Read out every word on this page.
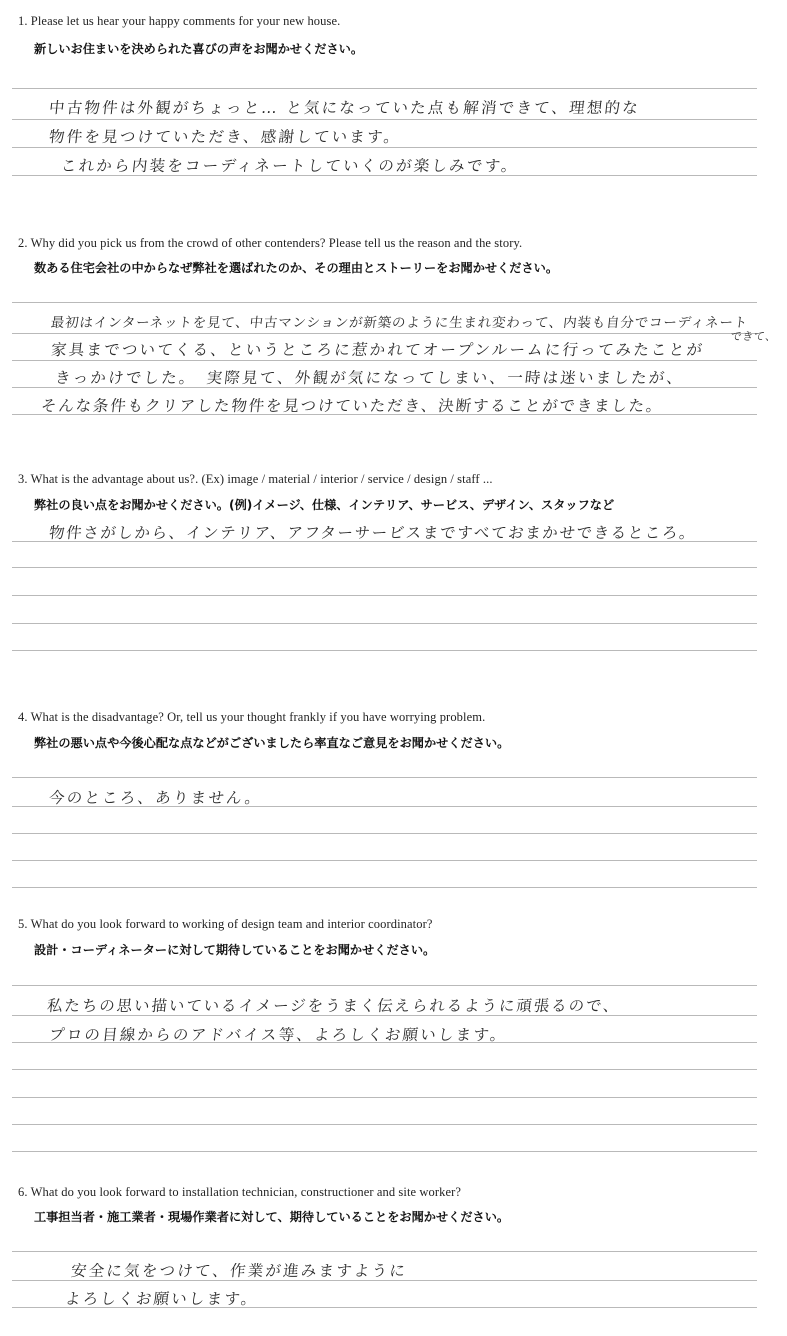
1. Please let us hear your happy comments for your new house.
新しいお住まいを決められた喜びの声をお聞かせください。
中古物件は外観がちょっと… と気になっていた点も解消できて、理想的な
物件を見つけていただき、感謝しています。
これから内装をコーディネートしていくのが楽しみです。
2. Why did you pick us from the crowd of other contenders? Please tell us the reason and the story.
数ある住宅会社の中からなぜ弊社を選ばれたのか、その理由とストーリーをお聞かせください。
最初はインターネットを見て、中古マンションが新築のように生まれ変わって、内装も自分でコーディネート
できて、
家具までついてくる、というところに惹かれてオープンルームに行ってみたことが
きっかけでした。　実際見て、外観が気になってしまい、一時は迷いましたが、
そんな条件もクリアした物件を見つけていただき、決断することができました。
3. What is the advantage about us?. (Ex) image / material / interior / service / design / staff ...
弊社の良い点をお聞かせください。(例)イメージ、仕様、インテリア、サービス、デザイン、スタッフなど
物件さがしから、インテリア、アフターサービスまですべておまかせできるところ。
4. What is the disadvantage? Or, tell us your thought frankly if you have worrying problem.
弊社の悪い点や今後心配な点などがございましたら率直なご意見をお聞かせください。
今のところ、ありません。
5. What do you look forward to working of design team and interior coordinator?
設計・コーディネーターに対して期待していることをお聞かせください。
私たちの思い描いているイメージをうまく伝えられるように頑張るので、
プロの目線からのアドバイス等、よろしくお願いします。
6. What do you look forward to installation technician, constructioner and site worker?
工事担当者・施工業者・現場作業者に対して、期待していることをお聞かせください。
安全に気をつけて、作業が進みますように
よろしくお願いします。
